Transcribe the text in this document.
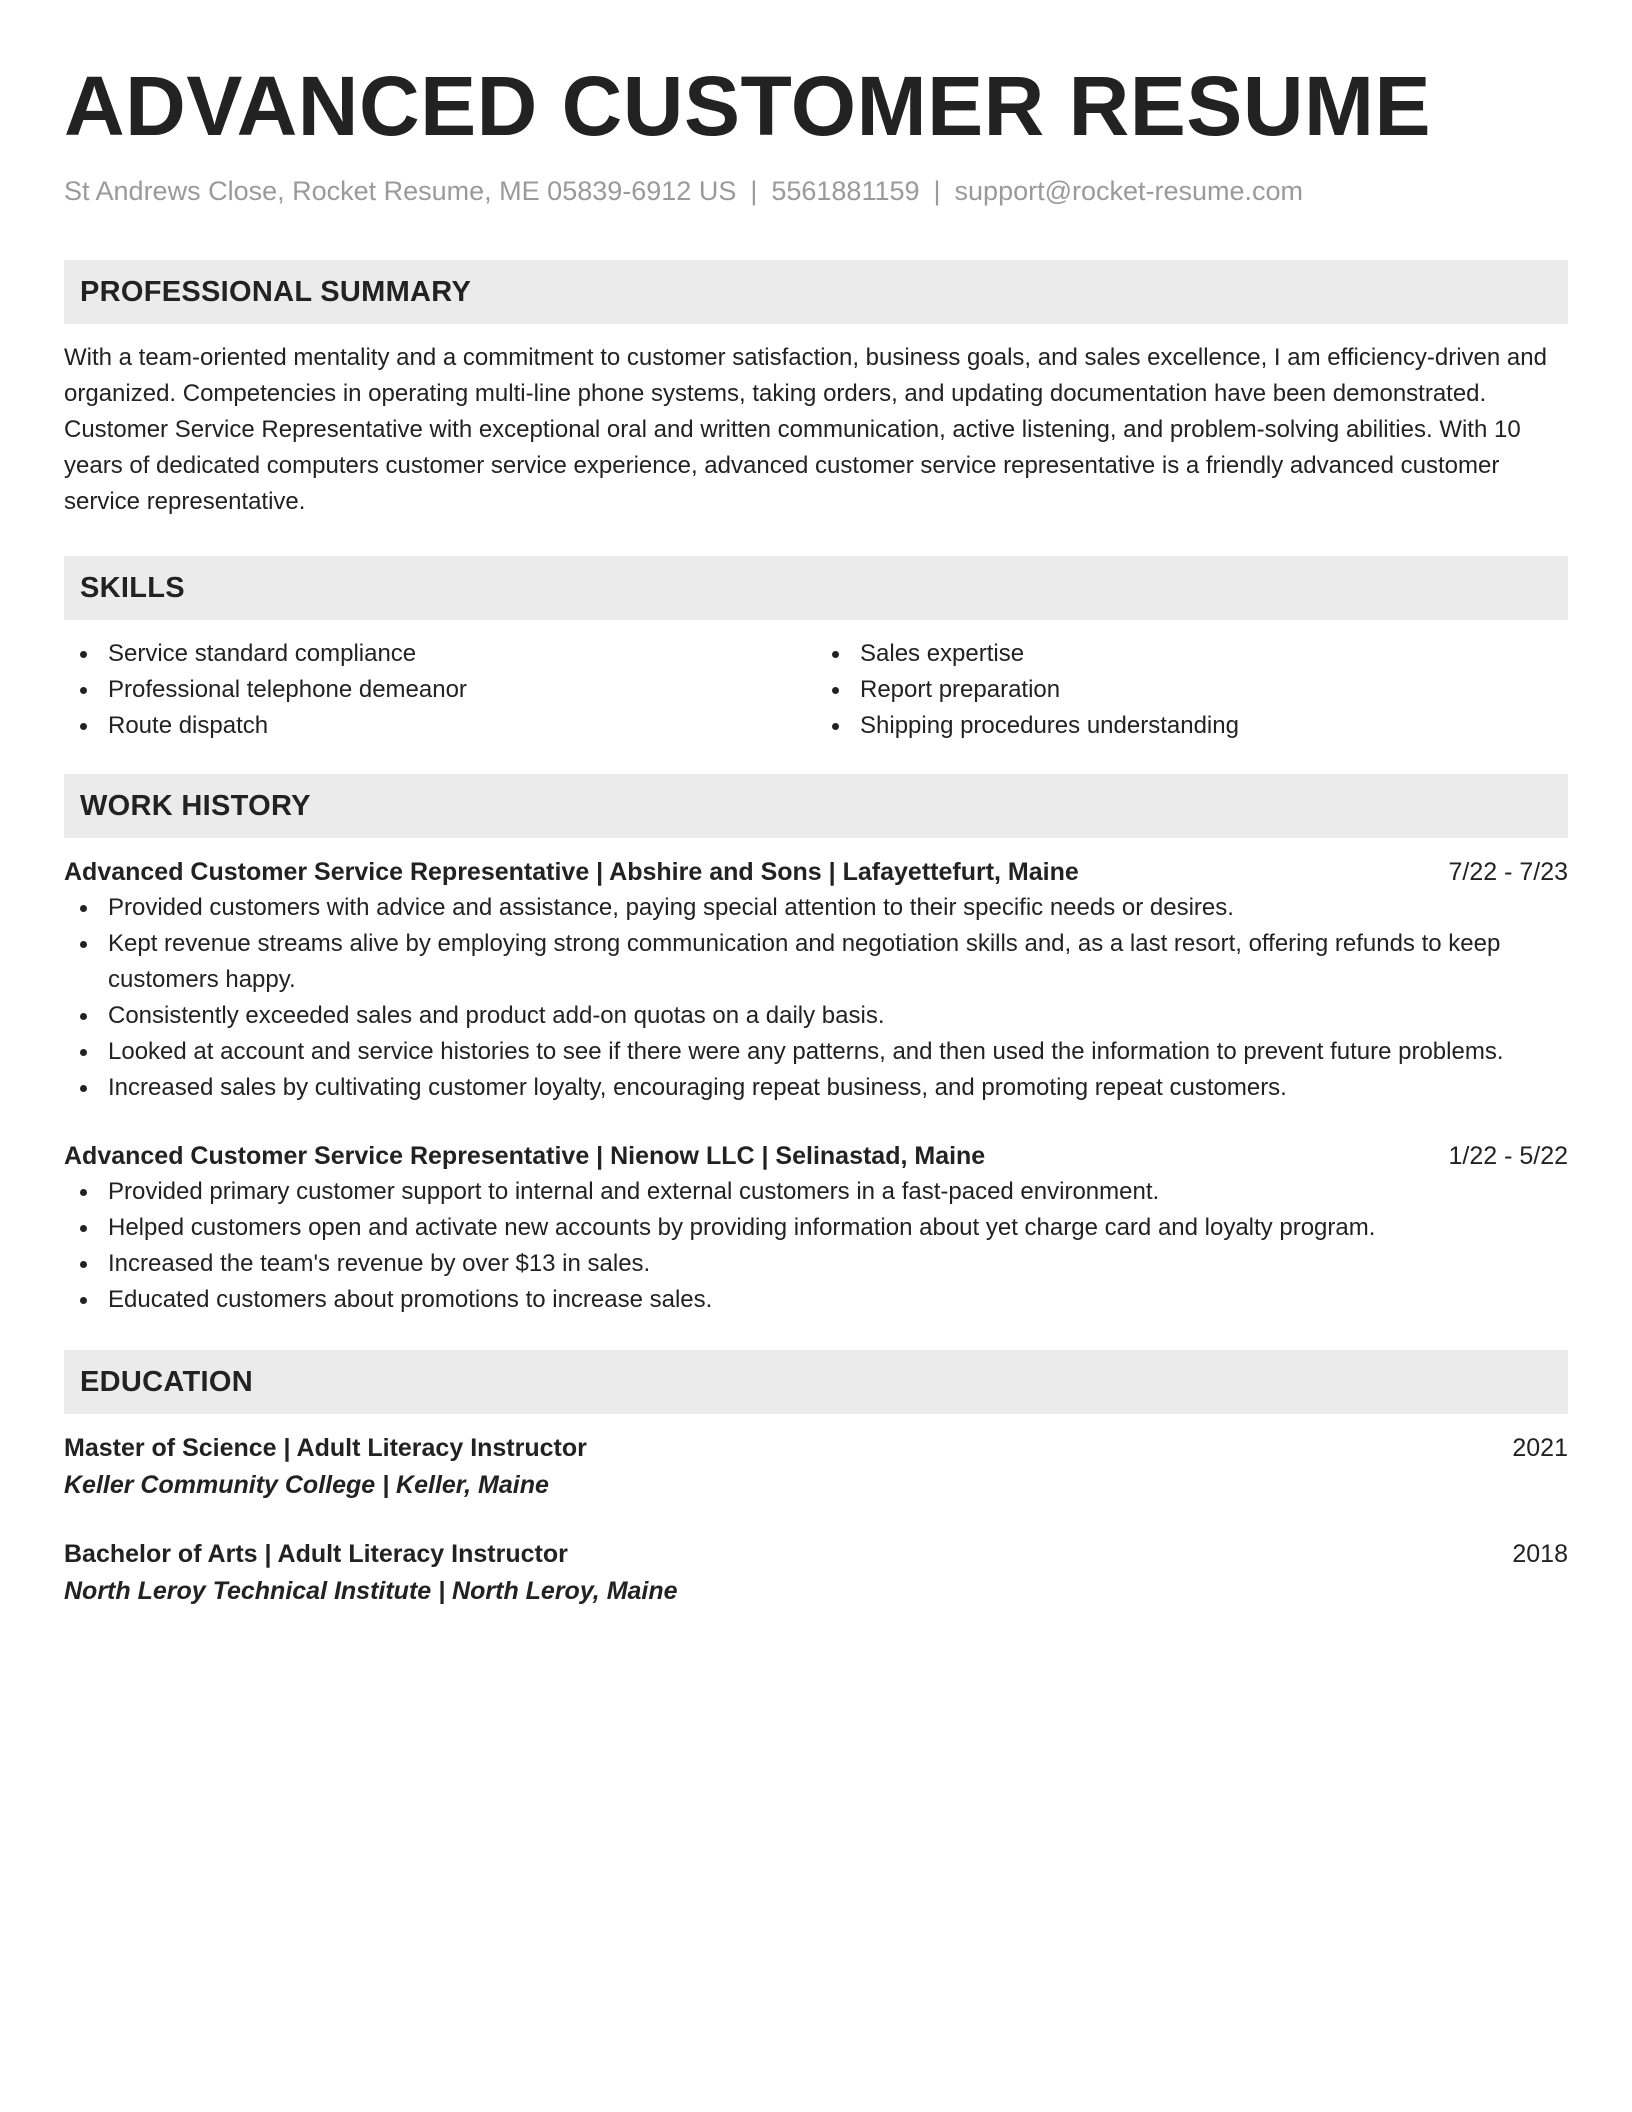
ADVANCED CUSTOMER RESUME
St Andrews Close, Rocket Resume, ME 05839-6912 US | 5561881159 | support@rocket-resume.com
PROFESSIONAL SUMMARY
With a team-oriented mentality and a commitment to customer satisfaction, business goals, and sales excellence, I am efficiency-driven and organized. Competencies in operating multi-line phone systems, taking orders, and updating documentation have been demonstrated. Customer Service Representative with exceptional oral and written communication, active listening, and problem-solving abilities. With 10 years of dedicated computers customer service experience, advanced customer service representative is a friendly advanced customer service representative.
SKILLS
Service standard compliance
Professional telephone demeanor
Route dispatch
Sales expertise
Report preparation
Shipping procedures understanding
WORK HISTORY
Advanced Customer Service Representative | Abshire and Sons | Lafayettefurt, Maine	7/22 - 7/23
Provided customers with advice and assistance, paying special attention to their specific needs or desires.
Kept revenue streams alive by employing strong communication and negotiation skills and, as a last resort, offering refunds to keep customers happy.
Consistently exceeded sales and product add-on quotas on a daily basis.
Looked at account and service histories to see if there were any patterns, and then used the information to prevent future problems.
Increased sales by cultivating customer loyalty, encouraging repeat business, and promoting repeat customers.
Advanced Customer Service Representative | Nienow LLC | Selinastad, Maine	1/22 - 5/22
Provided primary customer support to internal and external customers in a fast-paced environment.
Helped customers open and activate new accounts by providing information about yet charge card and loyalty program.
Increased the team's revenue by over $13 in sales.
Educated customers about promotions to increase sales.
EDUCATION
Master of Science | Adult Literacy Instructor	2021
Keller Community College | Keller, Maine
Bachelor of Arts | Adult Literacy Instructor	2018
North Leroy Technical Institute | North Leroy, Maine
